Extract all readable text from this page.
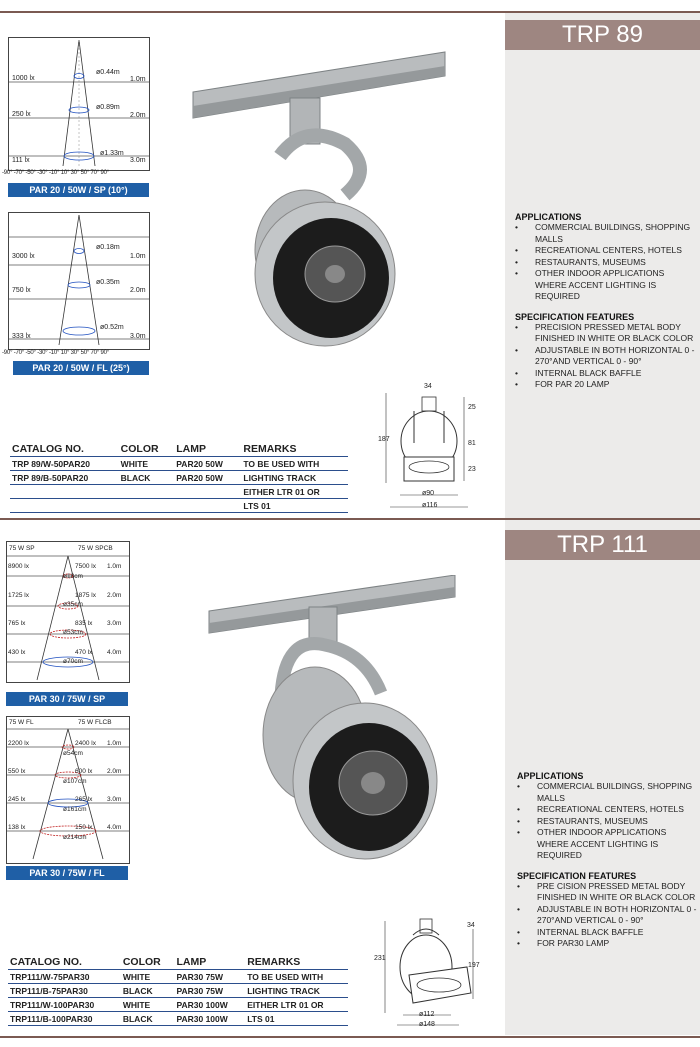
TRP 89
TRP 111
APPLICATIONS
• COMMERCIAL BUILDINGS, SHOPPING MALLS
• RECREATIONAL CENTERS, HOTELS
• RESTAURANTS, MUSEUMS
• OTHER INDOOR APPLICATIONS WHERE ACCENT LIGHTING IS REQUIRED
SPECIFICATION FEATURES
• PRECISION PRESSED METAL BODY FINISHED IN WHITE OR BLACK COLOR
• ADJUSTABLE IN BOTH HORIZONTAL 0 - 270°AND VERTICAL 0 - 90°
• INTERNAL BLACK BAFFLE
• FOR PAR 20 LAMP
APPLICATIONS
• COMMERCIAL BUILDINGS, SHOPPING MALLS
• RECREATIONAL CENTERS, HOTELS
• RESTAURANTS, MUSEUMS
• OTHER INDOOR APPLICATIONS WHERE ACCENT LIGHTING IS REQUIRED
SPECIFICATION FEATURES
• PRE CISION PRESSED METAL BODY FINISHED IN WHITE OR BLACK COLOR
• ADJUSTABLE IN BOTH HORIZONTAL 0 - 270°AND VERTICAL 0 - 90°
• INTERNAL BLACK BAFFLE
• FOR PAR30 LAMP
1000 lx
ø0.44m
1.0m
250 lx
ø0.89m
2.0m
111 lx
ø1.33m
3.0m
-90° -70° -50° -30° -10° 10° 30° 50° 70° 90°
PAR 20 / 50W / SP (10°)
3000 lx
ø0.18m
1.0m
750 lx
ø0.35m
2.0m
333 lx
ø0.52m
3.0m
-90° -70° -50° -30° -10° 10° 30° 50° 70° 90°
PAR 20 / 50W / FL (25°)
34
187
25
81
23
ø90
ø116
CATALOG NO.	COLOR	LAMP	REMARKS
TRP 89/W-50PAR20	WHITE	PAR20 50W	TO BE USED WITH
TRP 89/B-50PAR20	BLACK	PAR20 50W	LIGHTING TRACK
			EITHER LTR 01 OR
			LTS 01
75 W SP	75 W SPCB
8900 lx	7500 lx 1.0m
ø18cm
1725 lx	1875 lx 2.0m
ø35cm
765 lx	835 lx 3.0m
ø53cm
430 lx	470 lx 4.0m
ø70cm
PAR 30 / 75W / SP
75 W FL	75 W FLCB
2200 lx	2400 lx 1.0m
ø54cm
550 lx	600 lx 2.0m
ø107cm
245 lx	265 lx 3.0m
ø161cm
138 lx	150 lx 4.0m
ø214cm
PAR 30 / 75W / FL
34
231
197
ø112
ø148
CATALOG NO.	COLOR	LAMP	REMARKS
TRP111/W-75PAR30	WHITE	PAR30 75W	TO BE USED WITH
TRP111/B-75PAR30	BLACK	PAR30 75W	LIGHTING TRACK
TRP111/W-100PAR30	WHITE	PAR30 100W	EITHER LTR 01 OR
TRP111/B-100PAR30	BLACK	PAR30 100W	LTS 01
